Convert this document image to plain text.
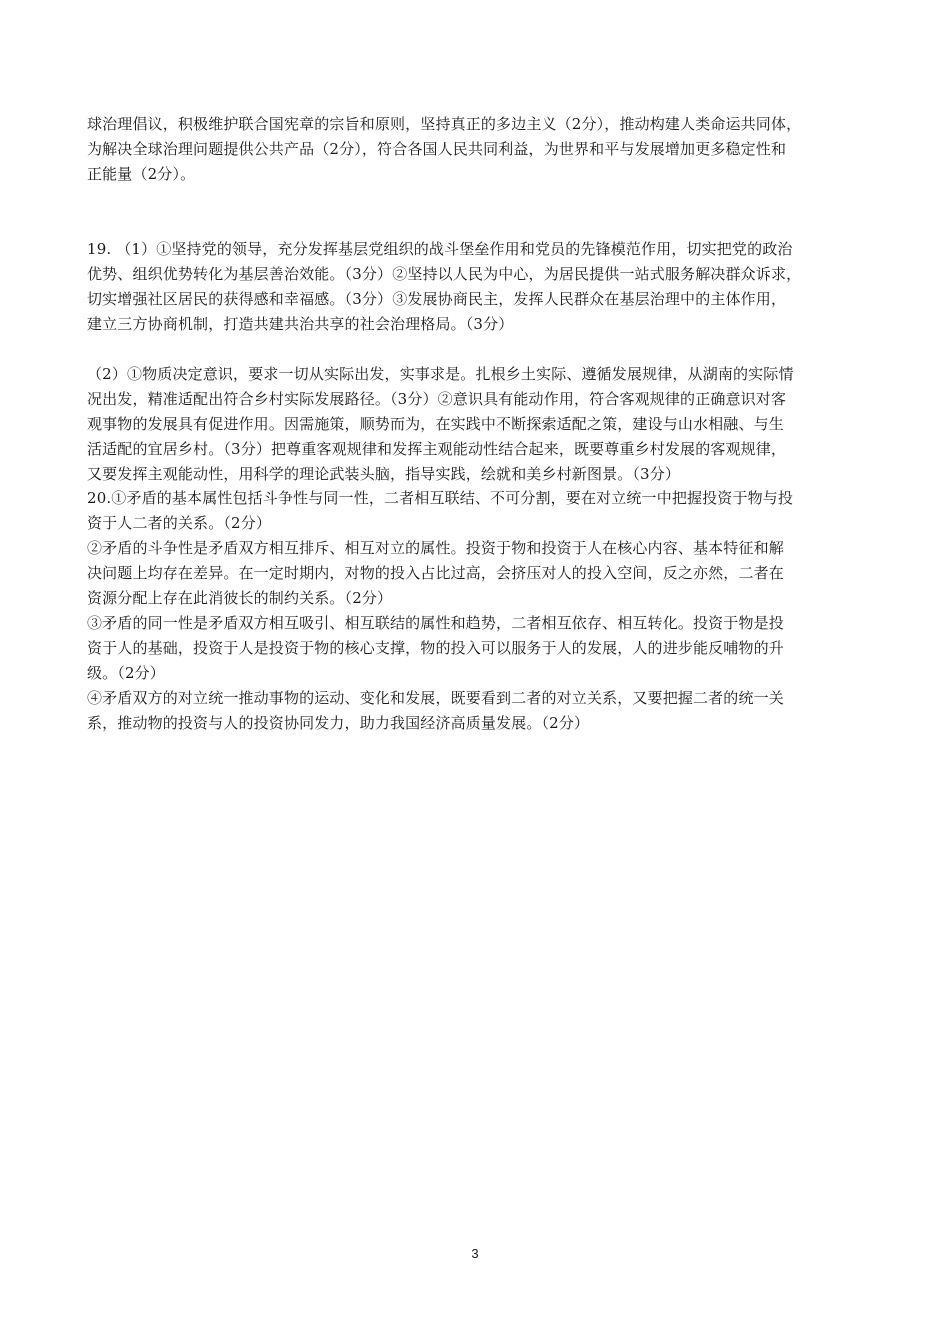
球治理倡议，积极维护联合国宪章的宗旨和原则，坚持真正的多边主义（2分），推动构建人类命运共同体，
为解决全球治理问题提供公共产品（2分），符合各国人民共同利益，为世界和平与发展增加更多稳定性和
正能量（2分）。
19. （1）①坚持党的领导，充分发挥基层党组织的战斗堡垒作用和党员的先锋模范作用，切实把党的政治
优势、组织优势转化为基层善治效能。（3分）②坚持以人民为中心，为居民提供一站式服务解决群众诉求，
切实增强社区居民的获得感和幸福感。（3分）③发展协商民主，发挥人民群众在基层治理中的主体作用，
建立三方协商机制，打造共建共治共享的社会治理格局。（3分）
（2）①物质决定意识，要求一切从实际出发，实事求是。扎根乡土实际、遵循发展规律，从湖南的实际情
况出发，精准适配出符合乡村实际发展路径。（3分）②意识具有能动作用，符合客观规律的正确意识对客
观事物的发展具有促进作用。因需施策，顺势而为，在实践中不断探索适配之策，建设与山水相融、与生
活适配的宜居乡村。（3分）把尊重客观规律和发挥主观能动性结合起来，既要尊重乡村发展的客观规律，
又要发挥主观能动性，用科学的理论武装头脑，指导实践，绘就和美乡村新图景。（3分）
20.①矛盾的基本属性包括斗争性与同一性，二者相互联结、不可分割，要在对立统一中把握投资于物与投
资于人二者的关系。（2分）
②矛盾的斗争性是矛盾双方相互排斥、相互对立的属性。投资于物和投资于人在核心内容、基本特征和解
决问题上均存在差异。在一定时期内，对物的投入占比过高，会挤压对人的投入空间，反之亦然，二者在
资源分配上存在此消彼长的制约关系。（2分）
③矛盾的同一性是矛盾双方相互吸引、相互联结的属性和趋势，二者相互依存、相互转化。投资于物是投
资于人的基础，投资于人是投资于物的核心支撑，物的投入可以服务于人的发展，人的进步能反哺物的升
级。（2分）
④矛盾双方的对立统一推动事物的运动、变化和发展，既要看到二者的对立关系，又要把握二者的统一关
系，推动物的投资与人的投资协同发力，助力我国经济高质量发展。（2分）
3
